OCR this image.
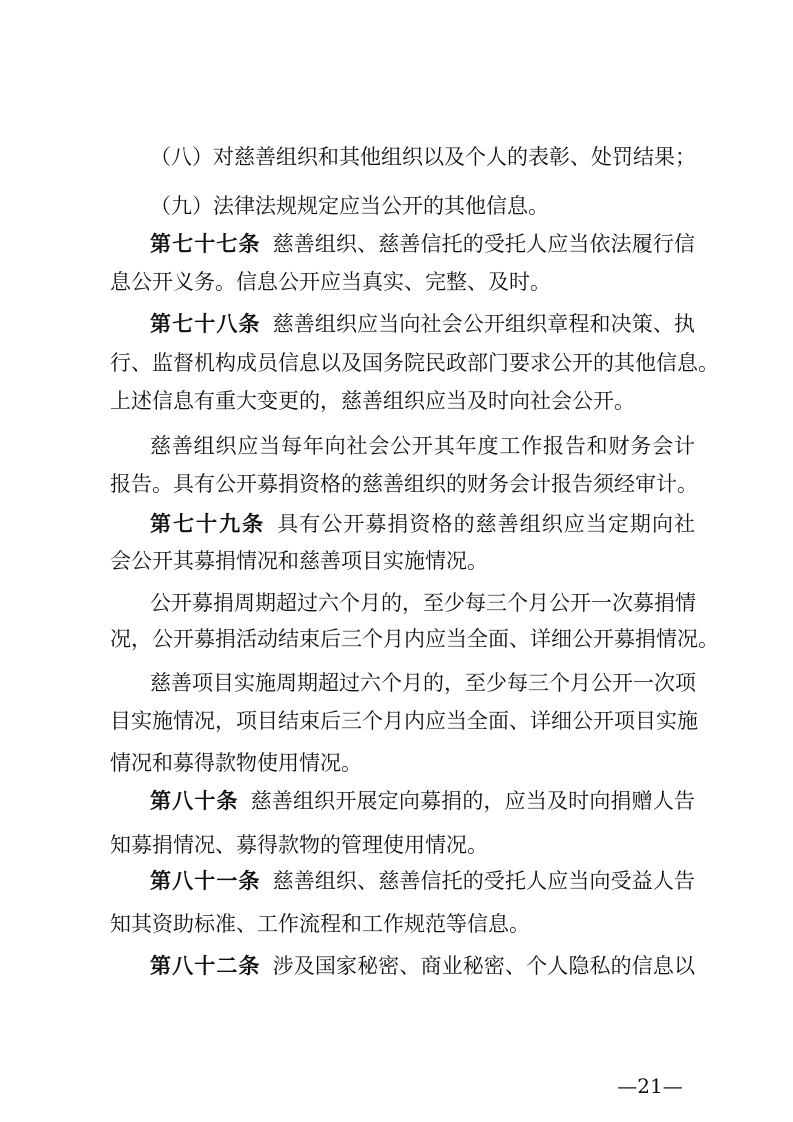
（八）对慈善组织和其他组织以及个人的表彰、处罚结果；
（九）法律法规规定应当公开的其他信息。
第七十七条 慈善组织、慈善信托的受托人应当依法履行信
息公开义务。信息公开应当真实、完整、及时。
第七十八条 慈善组织应当向社会公开组织章程和决策、执
行、监督机构成员信息以及国务院民政部门要求公开的其他信息。
上述信息有重大变更的，慈善组织应当及时向社会公开。
慈善组织应当每年向社会公开其年度工作报告和财务会计
报告。具有公开募捐资格的慈善组织的财务会计报告须经审计。
第七十九条 具有公开募捐资格的慈善组织应当定期向社
会公开其募捐情况和慈善项目实施情况。
公开募捐周期超过六个月的，至少每三个月公开一次募捐情
况，公开募捐活动结束后三个月内应当全面、详细公开募捐情况。
慈善项目实施周期超过六个月的，至少每三个月公开一次项
目实施情况，项目结束后三个月内应当全面、详细公开项目实施
情况和募得款物使用情况。
第八十条 慈善组织开展定向募捐的，应当及时向捐赠人告
知募捐情况、募得款物的管理使用情况。
第八十一条 慈善组织、慈善信托的受托人应当向受益人告
知其资助标准、工作流程和工作规范等信息。
第八十二条 涉及国家秘密、商业秘密、个人隐私的信息以
—21—
